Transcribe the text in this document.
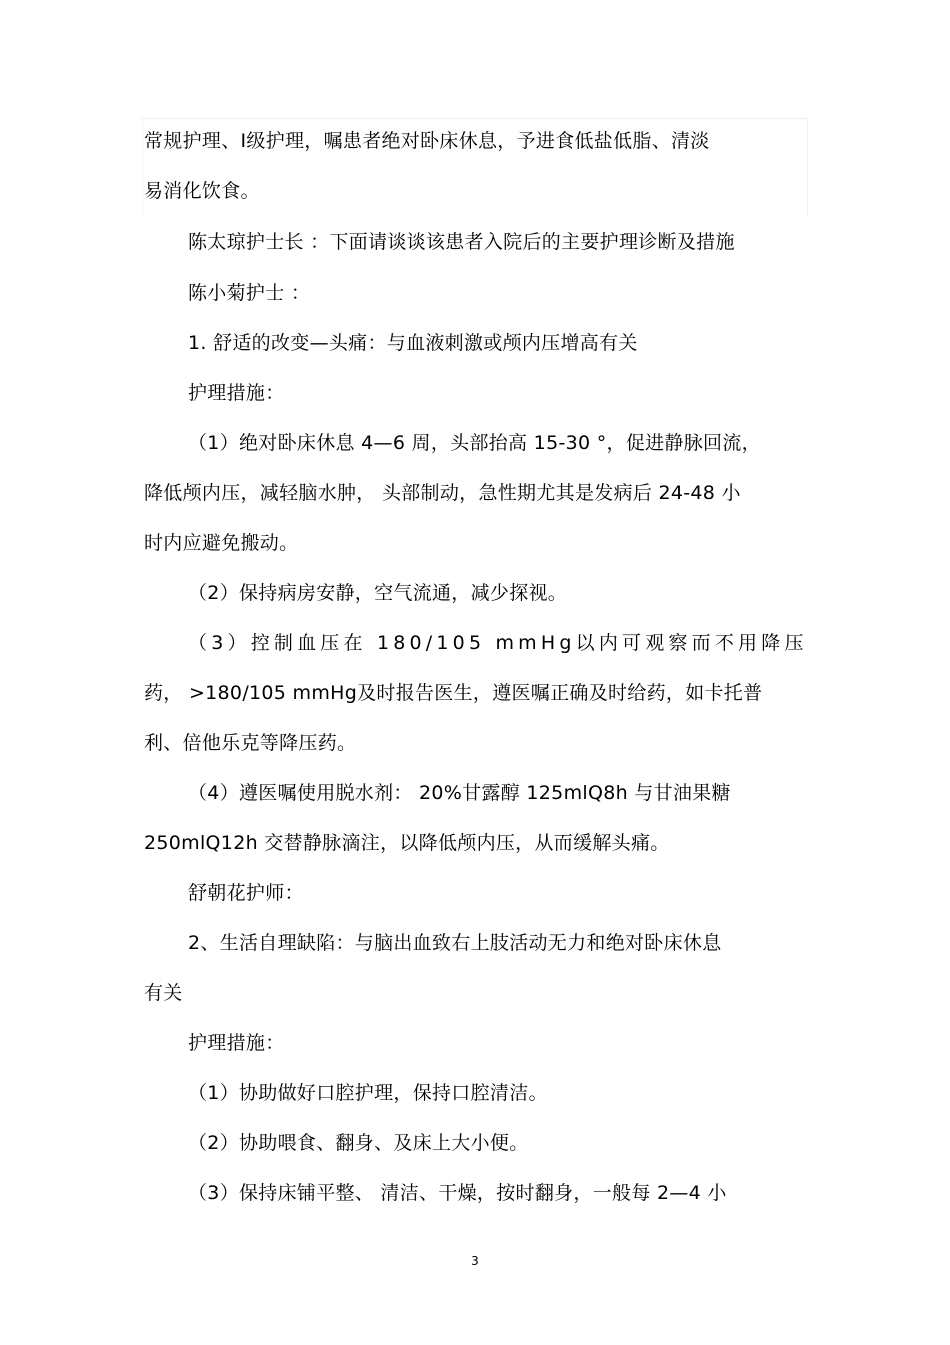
常规护理、Ⅰ级护理，嘱患者绝对卧床休息，予进食低盐低脂、清淡
易消化饮食。
陈太琼护士长 ：下面请谈谈该患者入院后的主要护理诊断及措施
陈小菊护士 ：
1. 舒适的改变—头痛：与血液刺激或颅内压增高有关
护理措施：
（1）绝对卧床休息 4—6 周，头部抬高 15-30 °，促进静脉回流，
降低颅内压，减轻脑水肿， 头部制动，急性期尤其是发病后 24-48 小
时内应避免搬动。
（2）保持病房安静，空气流通，减少探视。
（ 3 ） 控 制 血 压 在
1 8 0 / 1 0 5
m m H g 以 内 可 观 察 而 不 用 降 压
药， >180/105 mmHg及时报告医生，遵医嘱正确及时给药，如卡托普
利、倍他乐克等降压药。
（4）遵医嘱使用脱水剂： 20%甘露醇 125mlQ8h 与甘油果糖
250mlQ12h 交替静脉滴注，以降低颅内压，从而缓解头痛。
舒朝花护师：
2、生活自理缺陷：与脑出血致右上肢活动无力和绝对卧床休息
有关
护理措施：
（1）协助做好口腔护理，保持口腔清洁。
（2）协助喂食、翻身、及床上大小便。
（3）保持床铺平整、 清洁、干燥，按时翻身，一般每 2—4 小
3
